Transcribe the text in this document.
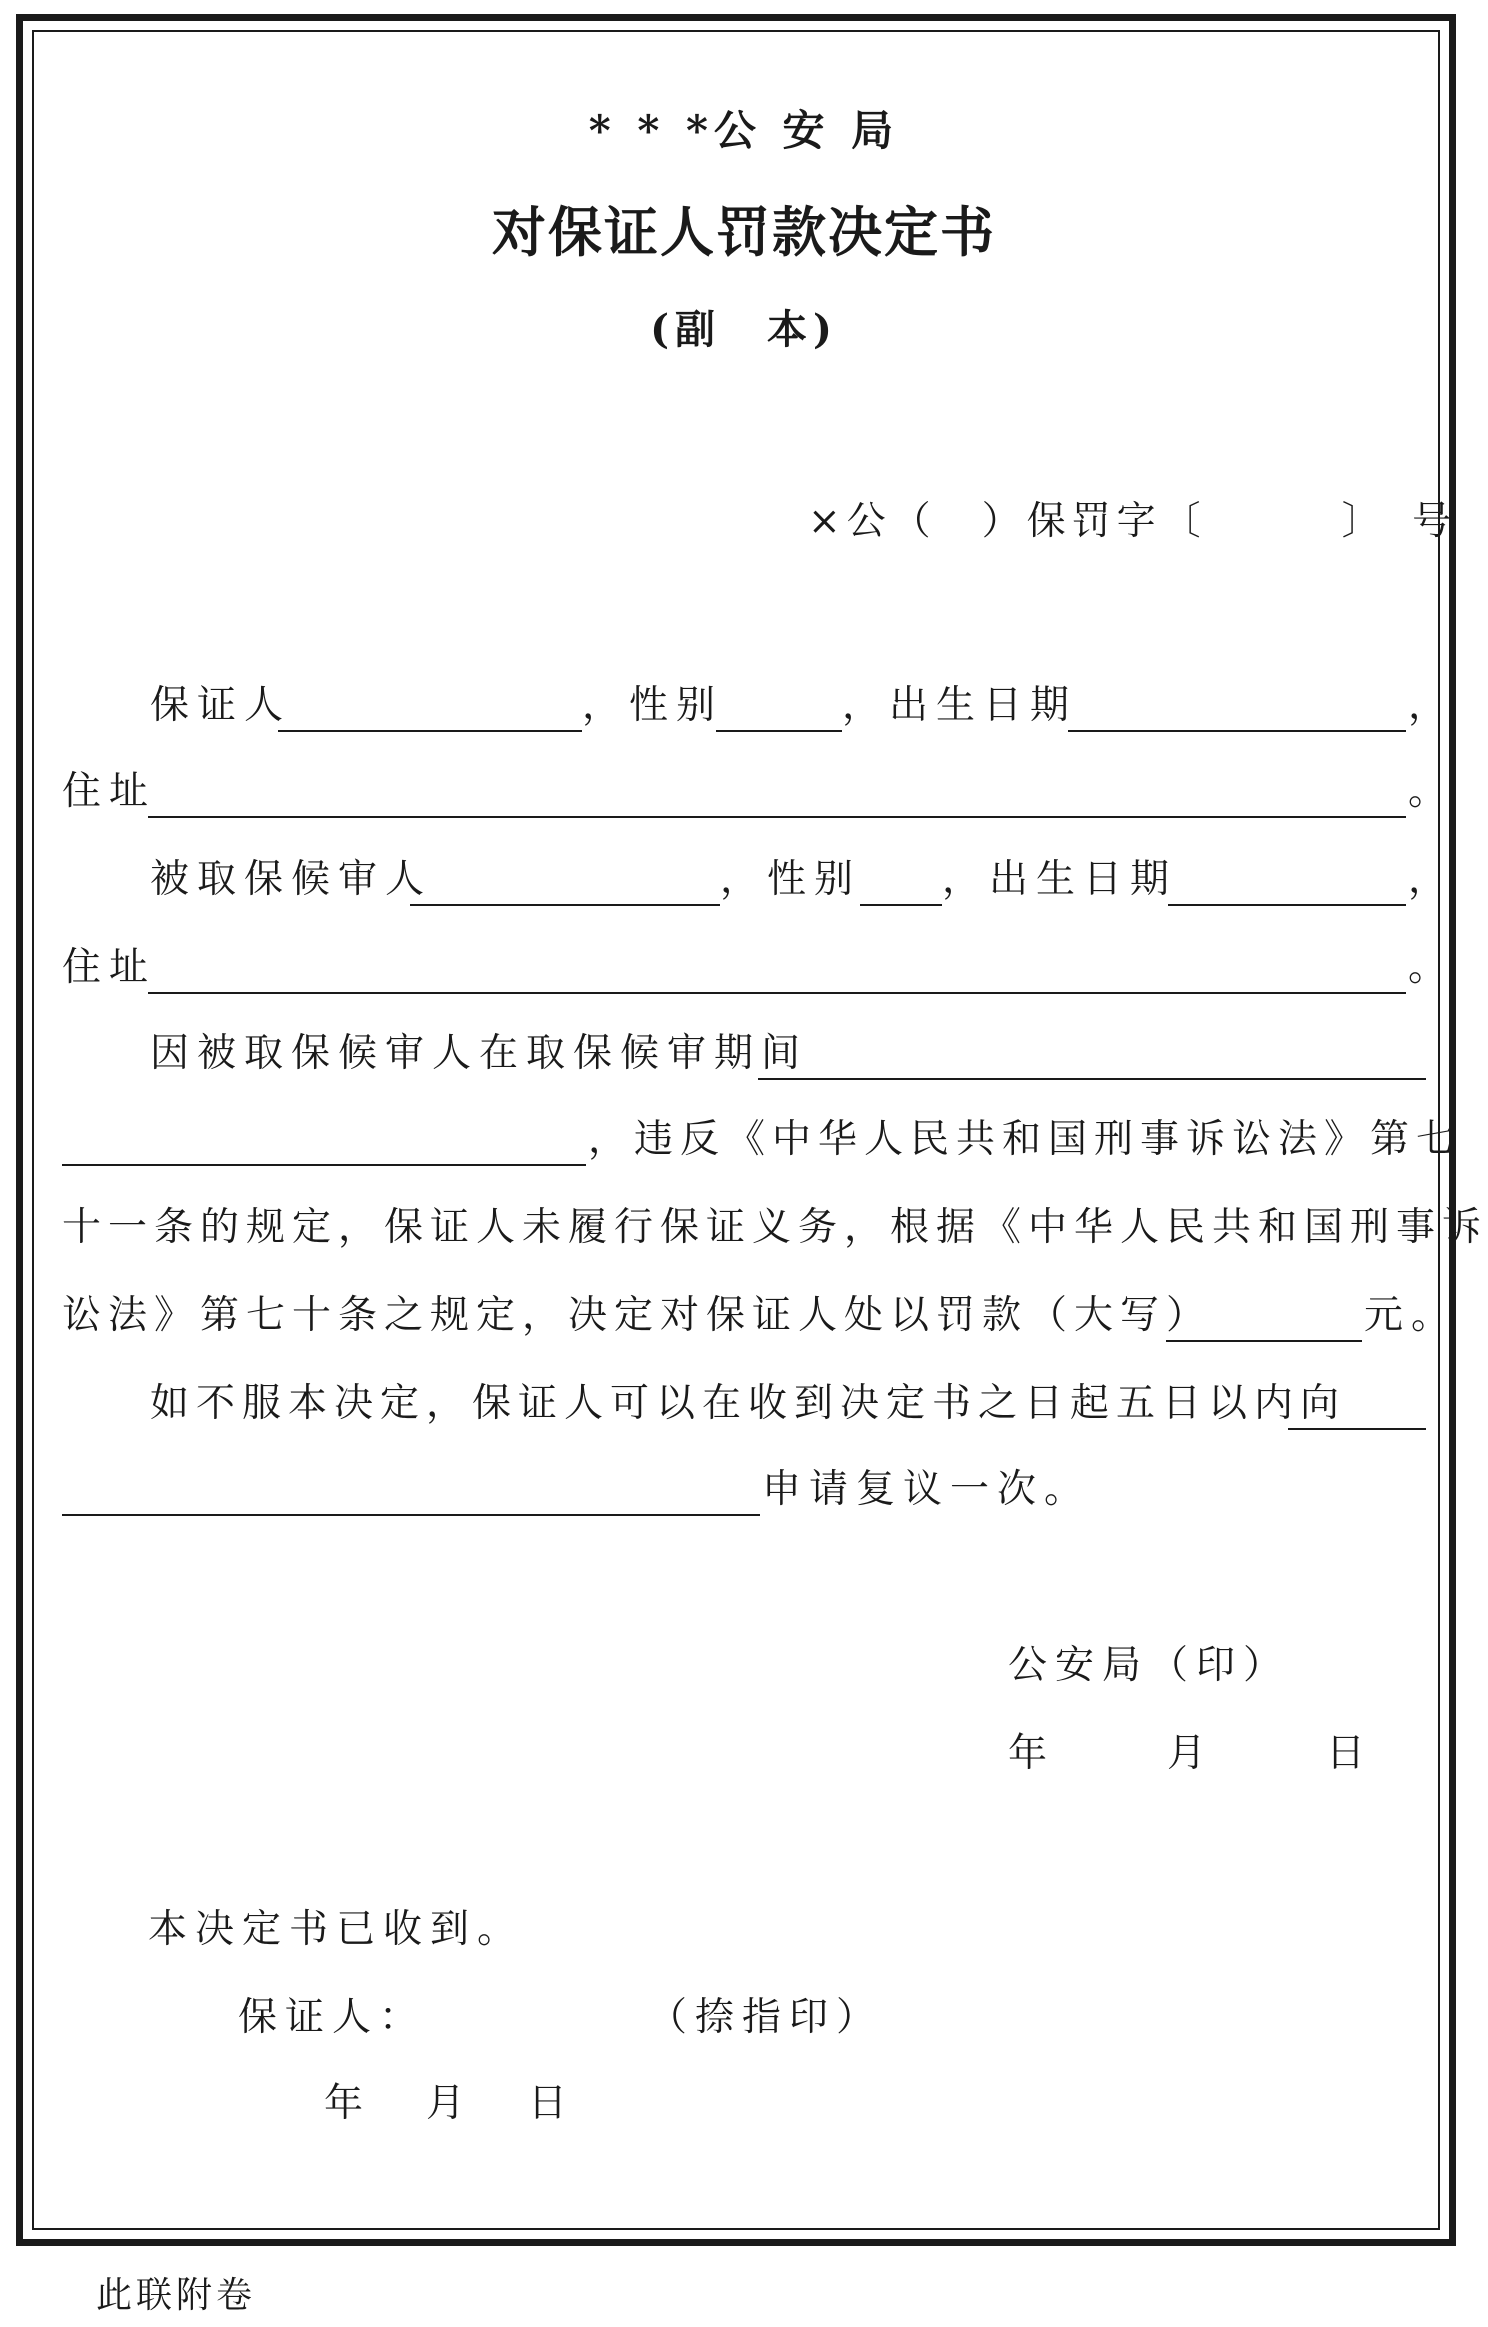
* * *公 安 局
对保证人罚款决定书
(副　本)
×公（　）保罚字〔　　　〕　号
保证人	，性别	，出生日期	，
住址	。
被取保候审人	，性别 ，出生日期	，
住址	。
因被取保候审人在取保候审期间
，违反《中华人民共和国刑事诉讼法》第七
十一条的规定，保证人未履行保证义务，根据《中华人民共和国刑事诉
讼法》第七十条之规定，决定对保证人处以罚款（大写）	元。
如不服本决定，保证人可以在收到决定书之日起五日以内向
申请复议一次。
公安局（印）
年　　月　　日
本决定书已收到。
保证人：	（捺指印）
年　月　日
此联附卷
